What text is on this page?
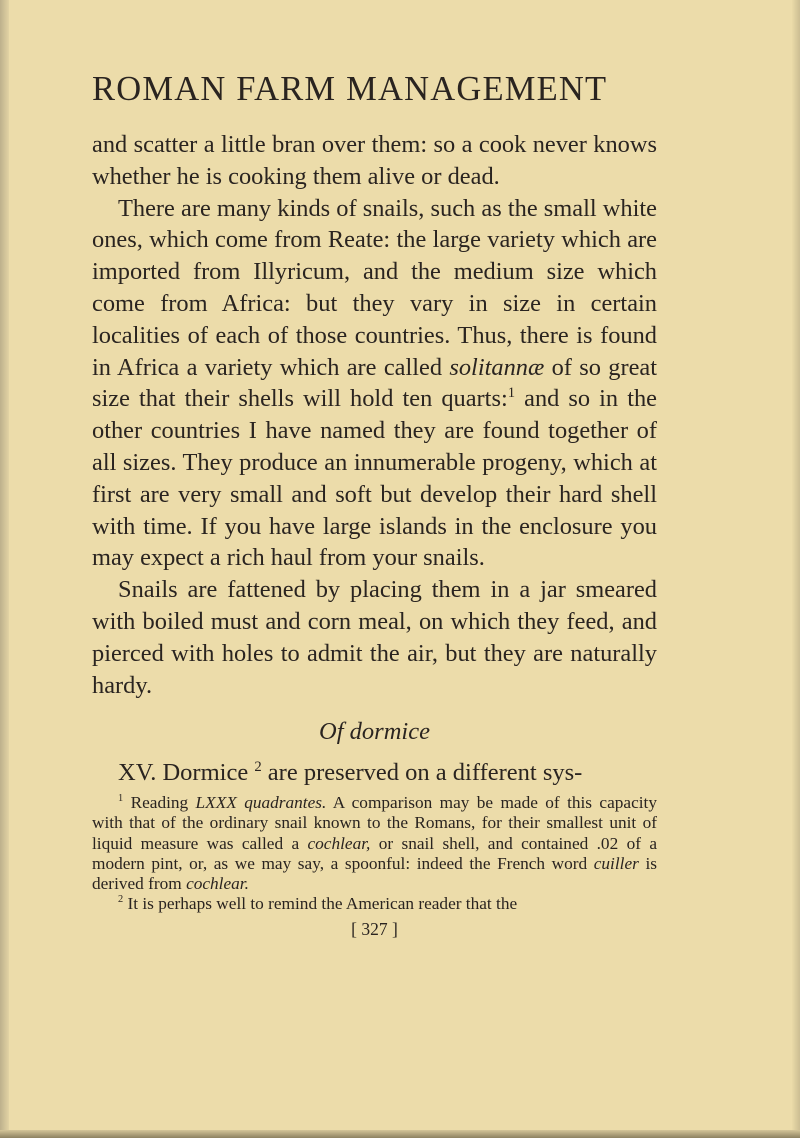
ROMAN FARM MANAGEMENT

and scatter a little bran over them: so a cook never knows whether he is cooking them alive or dead.

There are many kinds of snails, such as the small white ones, which come from Reate: the large variety which are imported from Illyricum, and the medium size which come from Africa: but they vary in size in certain localities of each of those countries. Thus, there is found in Africa a variety which are called solitannæ of so great size that their shells will hold ten quarts:$^1$ and so in the other countries I have named they are found together of all sizes. They produce an innumerable progeny, which at first are very small and soft but develop their hard shell with time. If you have large islands in the enclosure you may expect a rich haul from your snails.

Snails are fattened by placing them in a jar smeared with boiled must and corn meal, on which they feed, and pierced with holes to admit the air, but they are naturally hardy.

Of dormice
XV. Dormice $^2$ are preserved on a different sys-

$^1$ Reading LXXX quadrantes. A comparison may be made of this capacity with that of the ordinary snail known to the Romans, for their smallest unit of liquid measure was called a cochlear, or snail shell, and contained .02 of a modern pint, or, as we may say, a spoonful: indeed the French word cuiller is derived from cochlear.

$^2$ It is perhaps well to remind the American reader that the

[ 327 ]
